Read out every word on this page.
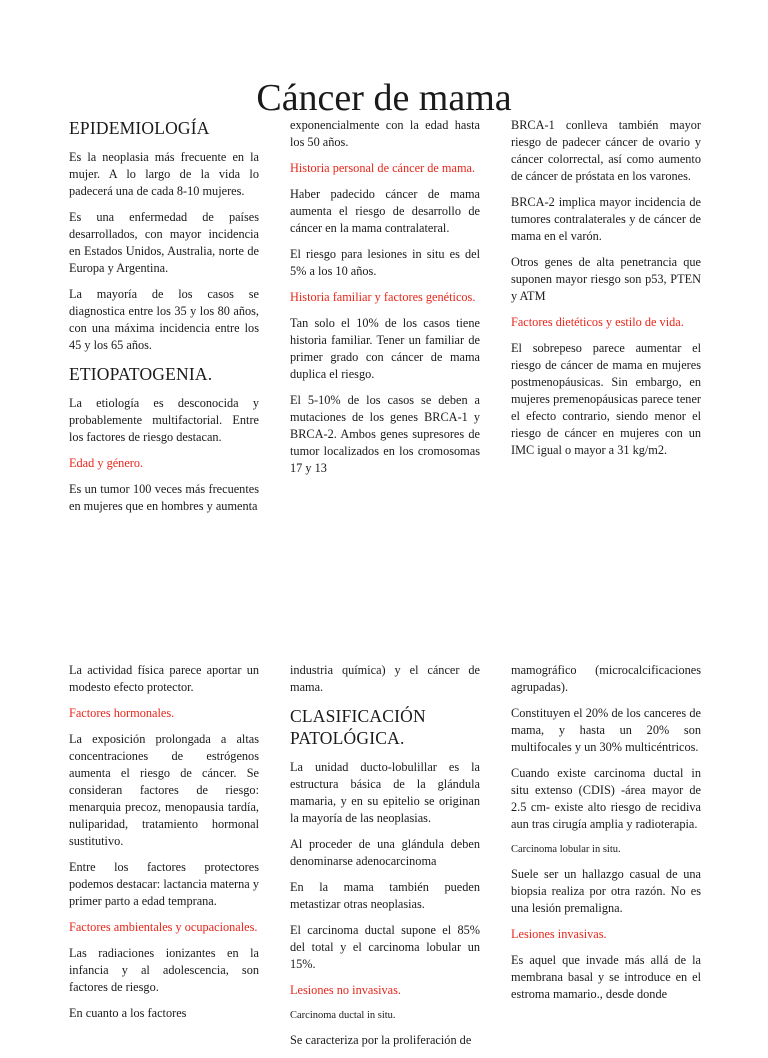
Cáncer de mama
EPIDEMIOLOGÍA

Es la neoplasia más frecuente en la mujer. A lo largo de la vida lo padecerá una de cada 8-10 mujeres.

Es una enfermedad de países desarrollados, con mayor incidencia en Estados Unidos, Australia, norte de Europa y Argentina.

La mayoría de los casos se diagnostica entre los 35 y los 80 años, con una máxima incidencia entre los 45 y los 65 años.

ETIOPATOGENIA.

La etiología es desconocida y probablemente multifactorial. Entre los factores de riesgo destacan.

Edad y género.

Es un tumor 100 veces más frecuentes en mujeres que en hombres y aumenta

exponencialmente con la edad hasta los 50 años.

Historia personal de cáncer de mama.

Haber padecido cáncer de mama aumenta el riesgo de desarrollo de cáncer en la mama contralateral.

El riesgo para lesiones in situ es del 5% a los 10 años.

Historia familiar y factores genéticos.

Tan solo el 10% de los casos tiene historia familiar. Tener un familiar de primer grado con cáncer de mama duplica el riesgo.

El 5-10% de los casos se deben a mutaciones de los genes BRCA-1 y BRCA-2. Ambos genes supresores de tumor localizados en los cromosomas 17 y 13

BRCA-1 conlleva también mayor riesgo de padecer cáncer de ovario y cáncer colorrectal, así como aumento de cáncer de próstata en los varones.

BRCA-2 implica mayor incidencia de tumores contralaterales y de cáncer de mama en el varón.

Otros genes de alta penetrancia que suponen mayor riesgo son p53, PTEN y ATM

Factores dietéticos y estilo de vida.

El sobrepeso parece aumentar el riesgo de cáncer de mama en mujeres postmenopáusicas. Sin embargo, en mujeres premenopáusicas parece tener el efecto contrario, siendo menor el riesgo de cáncer en mujeres con un IMC igual o mayor a 31 kg/m2.

La actividad física parece aportar un modesto efecto protector.

Factores hormonales.

La exposición prolongada a altas concentraciones de estrógenos aumenta el riesgo de cáncer. Se consideran factores de riesgo: menarquia precoz, menopausia tardía, nuliparidad, tratamiento hormonal sustitutivo.

Entre los factores protectores podemos destacar: lactancia materna y primer parto a edad temprana.

Factores ambientales y ocupacionales.

Las radiaciones ionizantes en la infancia y al adolescencia, son factores de riesgo.

En cuanto a los factores

industria química) y el cáncer de mama.

CLASIFICACIÓN PATOLÓGICA.

La unidad ducto-lobulillar es la estructura básica de la glándula mamaria, y en su epitelio se originan la mayoría de las neoplasias.

Al proceder de una glándula deben denominarse adenocarcinoma

En la mama también pueden metastizar otras neoplasias.

El carcinoma ductal supone el 85% del total y el carcinoma lobular un 15%.

Lesiones no invasivas.
Carcinoma ductal in situ.

Se caracteriza por la proliferación de

mamográfico (microcalcificaciones agrupadas).

Constituyen el 20% de los canceres de mama, y hasta un 20% son multifocales y un 30% multicéntricos.

Cuando existe carcinoma ductal in situ extenso (CDIS) -área mayor de 2.5 cm- existe alto riesgo de recidiva aun tras cirugía amplia y radioterapia.

Carcinoma lobular in situ.

Suele ser un hallazgo casual de una biopsia realiza por otra razón. No es una lesión premaligna.

Lesiones invasivas.

Es aquel que invade más allá de la membrana basal y se introduce en el estroma mamario., desde donde
